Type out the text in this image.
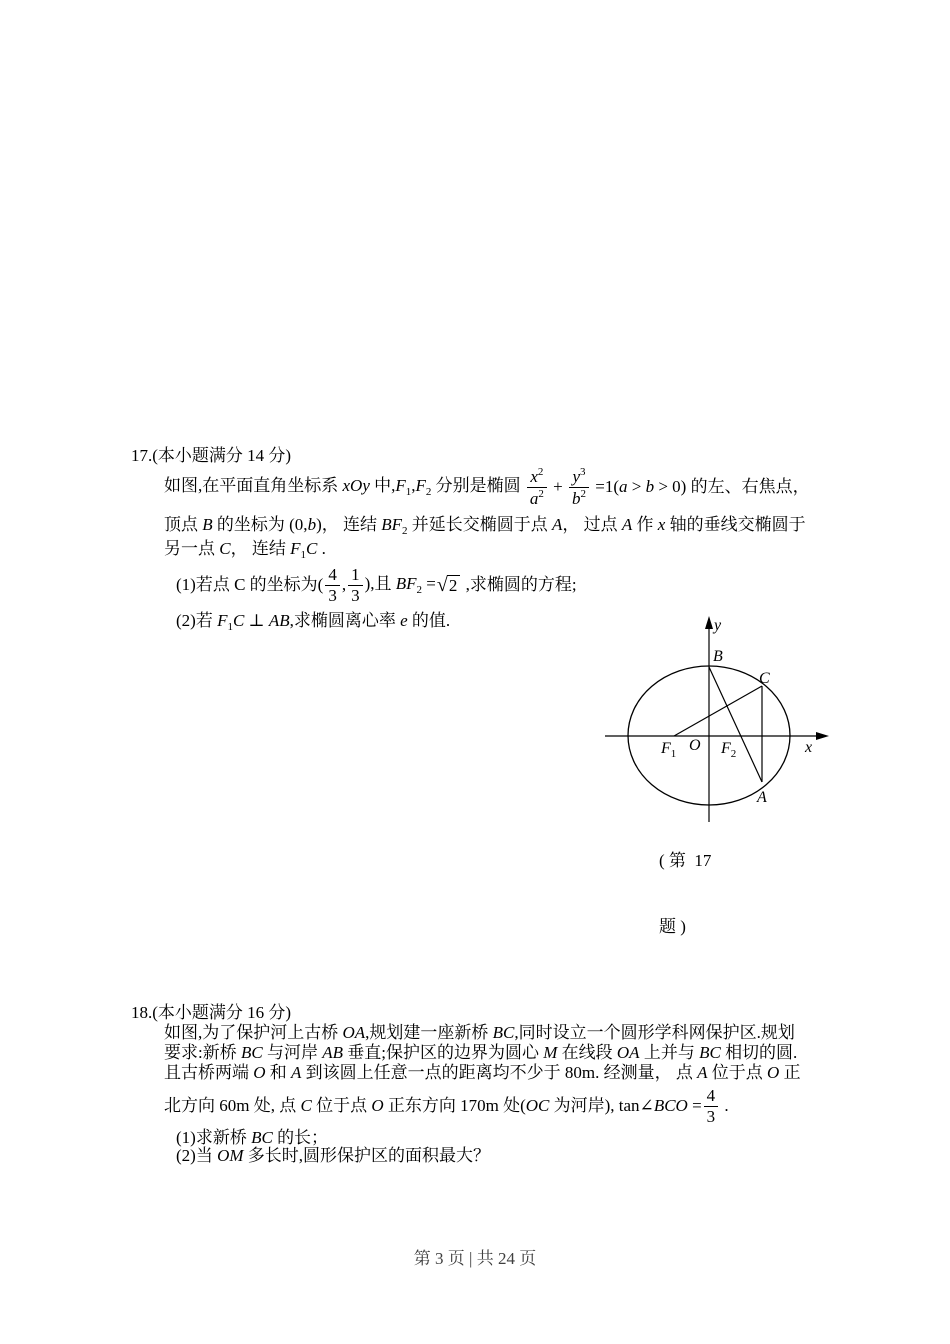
17.(本小题满分 14 分)
如图,在平面直角坐标系 xOy 中$,F_1,F_2$ 分别是椭圆 $\frac{x^2}{a^2} + \frac{y^3}{b^2} =1(a > b > 0)$ 的左、右焦点，
顶点 B 的坐标为 (0,b)， 连结 $BF_2$ 并延长交椭圆于点 A， 过点 A 作 x 轴的垂线交椭圆于
另一点 C， 连结 $F_1C$ .
(1)若点 C 的坐标为( $\frac{4}{3}$ , $\frac{1}{3}$ ),且 $BF_2$ = √ 2 ,求椭圆的方程;
(2)若 $F_1C$ ⊥ AB,求椭圆离心率 e 的值.

	y
x
B
C
A
O
$F_1$	$F_2$

( 第  17

题 )

18.(本小题满分 16 分)
如图,为了保护河上古桥 OA,规划建一座新桥 BC,同时设立一个圆形学科网保护区.规划
要求:新桥 BC 与河岸 AB 垂直;保护区的边界为圆心 M 在线段 OA 上并与 BC 相切的圆.
且古桥两端 O 和 A 到该圆上任意一点的距离均不少于 80m. 经测量， 点 A 位于点 O 正
北方向 60m 处, 点 C 位于点 O 正东方向 170m 处(OC 为河岸), tan∠BCO = $\frac{4}{3}$ .
(1)求新桥 BC 的长；
(2)当 OM 多长时,圆形保护区的面积最大？
第 3 页 | 共 24 页
